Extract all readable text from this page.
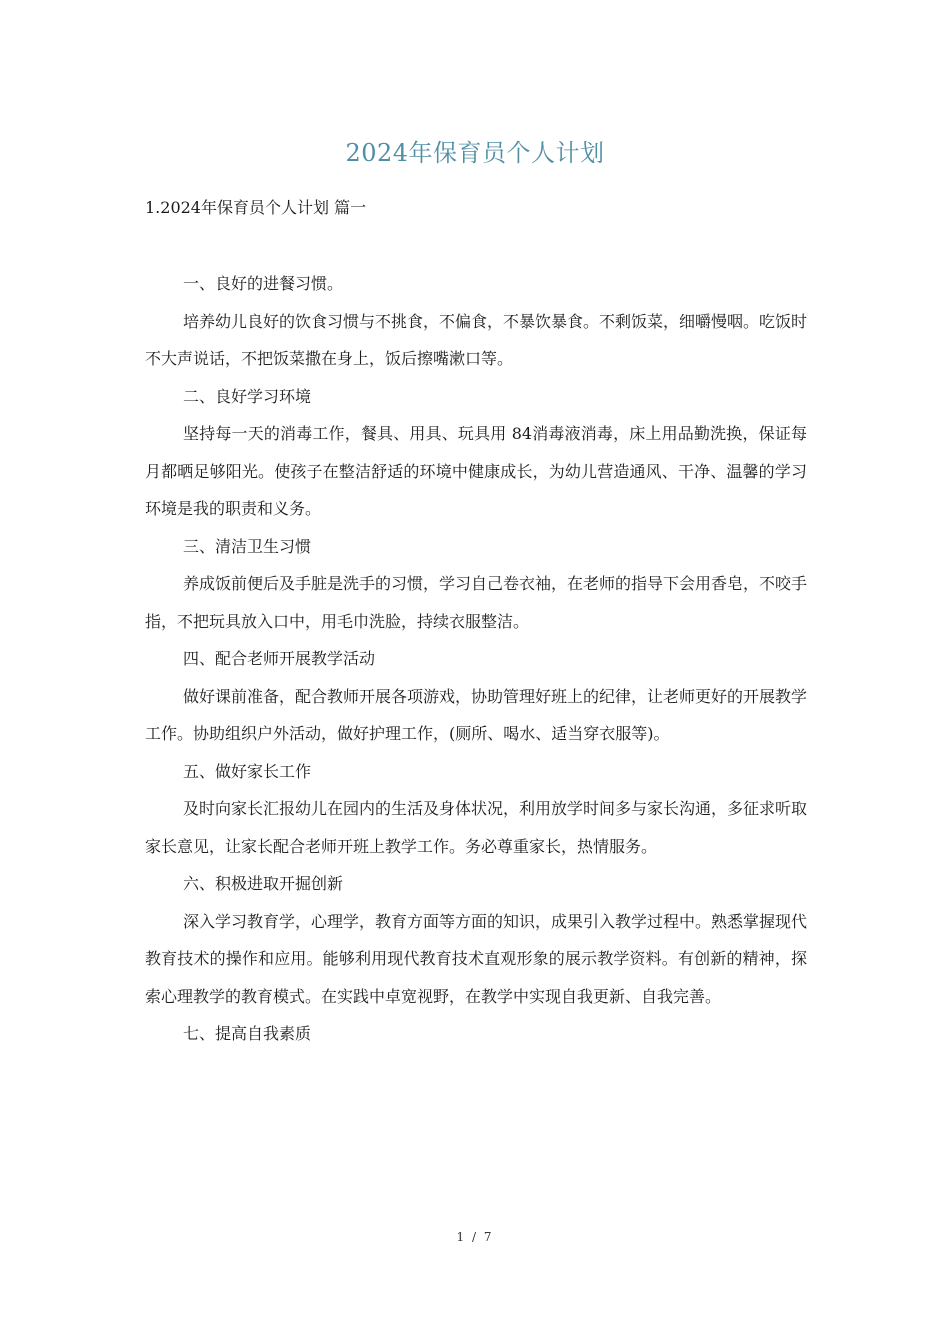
2024年保育员个人计划
1.2024年保育员个人计划 篇一

一、良好的进餐习惯。

培养幼儿良好的饮食习惯与不挑食，不偏食，不暴饮暴食。不剩饭菜，细嚼慢咽。吃饭时不大声说话，不把饭菜撒在身上，饭后擦嘴漱口等。

二、良好学习环境

坚持每一天的消毒工作，餐具、用具、玩具用 84消毒液消毒，床上用品勤洗换，保证每月都晒足够阳光。使孩子在整洁舒适的环境中健康成长，为幼儿营造通风、干净、温馨的学习环境是我的职责和义务。

三、清洁卫生习惯

养成饭前便后及手脏是洗手的习惯，学习自己卷衣袖，在老师的指导下会用香皂，不咬手指，不把玩具放入口中，用毛巾洗脸，持续衣服整洁。

四、配合老师开展教学活动

做好课前准备，配合教师开展各项游戏，协助管理好班上的纪律，让老师更好的开展教学工作。协助组织户外活动，做好护理工作，(厕所、喝水、适当穿衣服等)。

五、做好家长工作

及时向家长汇报幼儿在园内的生活及身体状况，利用放学时间多与家长沟通，多征求听取家长意见，让家长配合老师开班上教学工作。务必尊重家长，热情服务。

六、积极进取开掘创新

深入学习教育学，心理学，教育方面等方面的知识，成果引入教学过程中。熟悉掌握现代教育技术的操作和应用。能够利用现代教育技术直观形象的展示教学资料。有创新的精神，探索心理教学的教育模式。在实践中卓宽视野，在教学中实现自我更新、自我完善。

七、提高自我素质

1 / 7
